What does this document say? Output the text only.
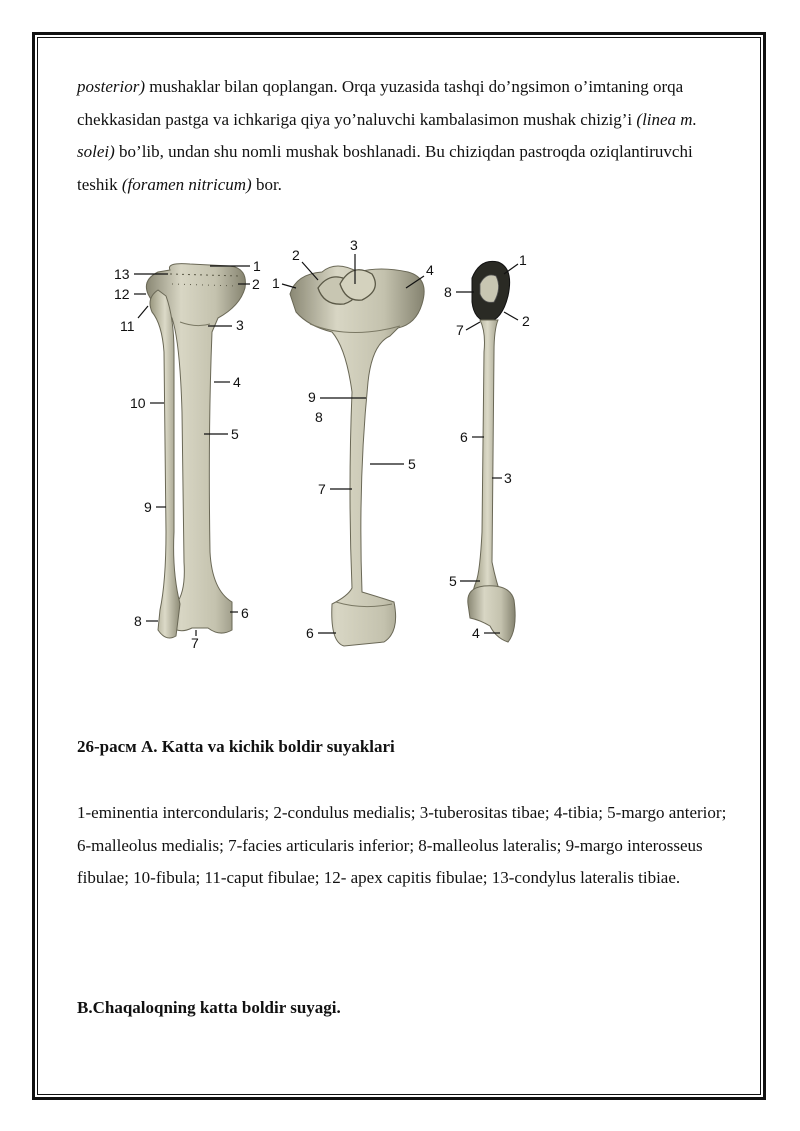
posterior) mushaklar bilan qoplangan. Orqa yuzasida tashqi do’ngsimon o’imtaning orqa chekkasidan pastga va ichkariga qiya yo’naluvchi kambalasimon mushak chizig’i (linea m. solei) bo’lib, undan shu nomli mushak boshlanadi. Bu chiziqdan pastroqda oziqlantiruvchi teshik (foramen nitricum) bor.

1
2
3
4
5
6
7
8
9
10
11
12
13
1
2
3
4
5
6
7
8
9
1
2
3
4
5
6
7
8

26-расм А. Katta va kichik boldir suyaklari

1-eminentia intercondularis; 2-condulus medialis; 3-tuberositas tibae; 4-tibia; 5-margo anterior; 6-malleolus medialis; 7-facies articularis inferior; 8-malleolus lateralis; 9-margo interosseus fibulae; 10-fibula; 11-caput fibulae; 12- apex capitis fibulae; 13-condylus lateralis tibiae.

B.Chaqaloqning katta boldir suyagi.
